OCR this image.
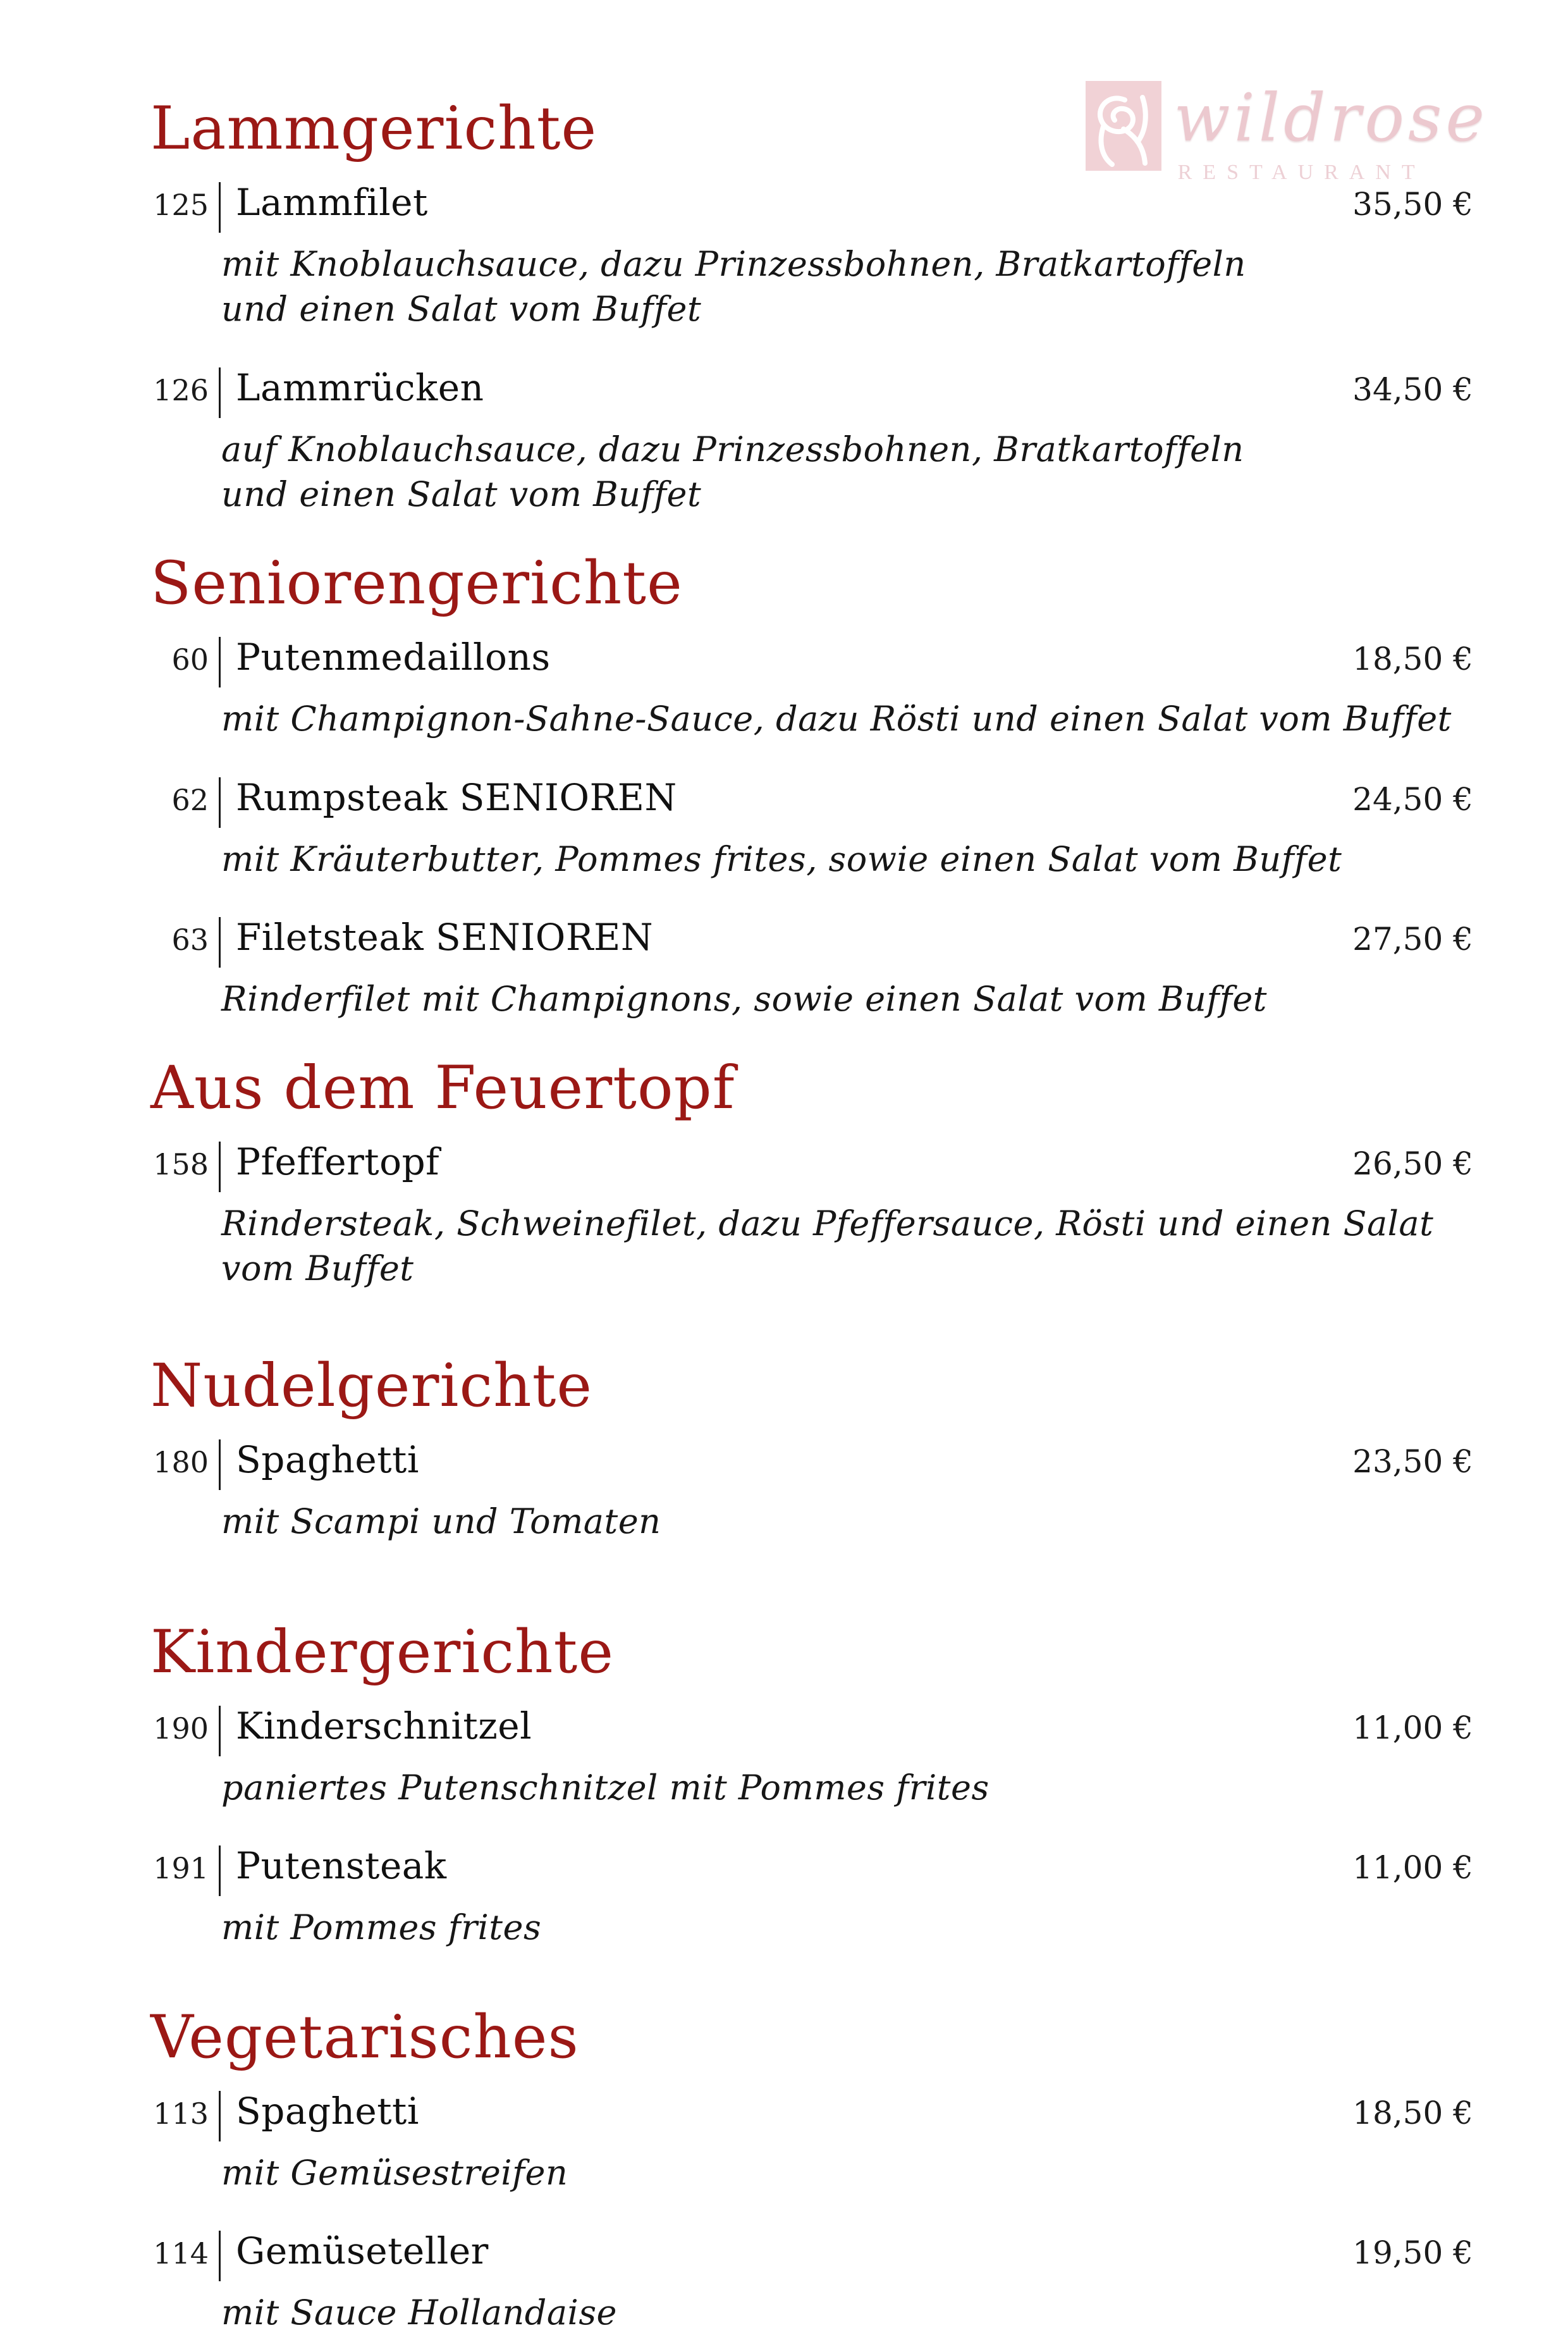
wildrose
RESTAURANT
Lammgerichte
125 Lammfilet	35,50 €
mit Knoblauchsauce, dazu Prinzessbohnen, Bratkartoffeln
und einen Salat vom Buffet
126 Lammrücken	34,50 €
auf Knoblauchsauce, dazu Prinzessbohnen, Bratkartoffeln
und einen Salat vom Buffet
Seniorengerichte
60 Putenmedaillons	18,50 €
mit Champignon-Sahne-Sauce, dazu Rösti und einen Salat vom Buffet
62 Rumpsteak SENIOREN	24,50 €
mit Kräuterbutter, Pommes frites, sowie einen Salat vom Buffet
63 Filetsteak SENIOREN	27,50 €
Rinderfilet mit Champignons, sowie einen Salat vom Buffet
Aus dem Feuertopf
158 Pfeffertopf	26,50 €
Rindersteak, Schweinefilet, dazu Pfeffersauce, Rösti und einen Salat vom Buffet
Nudelgerichte
180 Spaghetti	23,50 €
mit Scampi und Tomaten
Kindergerichte
190 Kinderschnitzel	11,00 €
paniertes Putenschnitzel mit Pommes frites
191 Putensteak	11,00 €
mit Pommes frites
Vegetarisches
113 Spaghetti	18,50 €
mit Gemüsestreifen
114 Gemüseteller	19,50 €
mit Sauce Hollandaise
